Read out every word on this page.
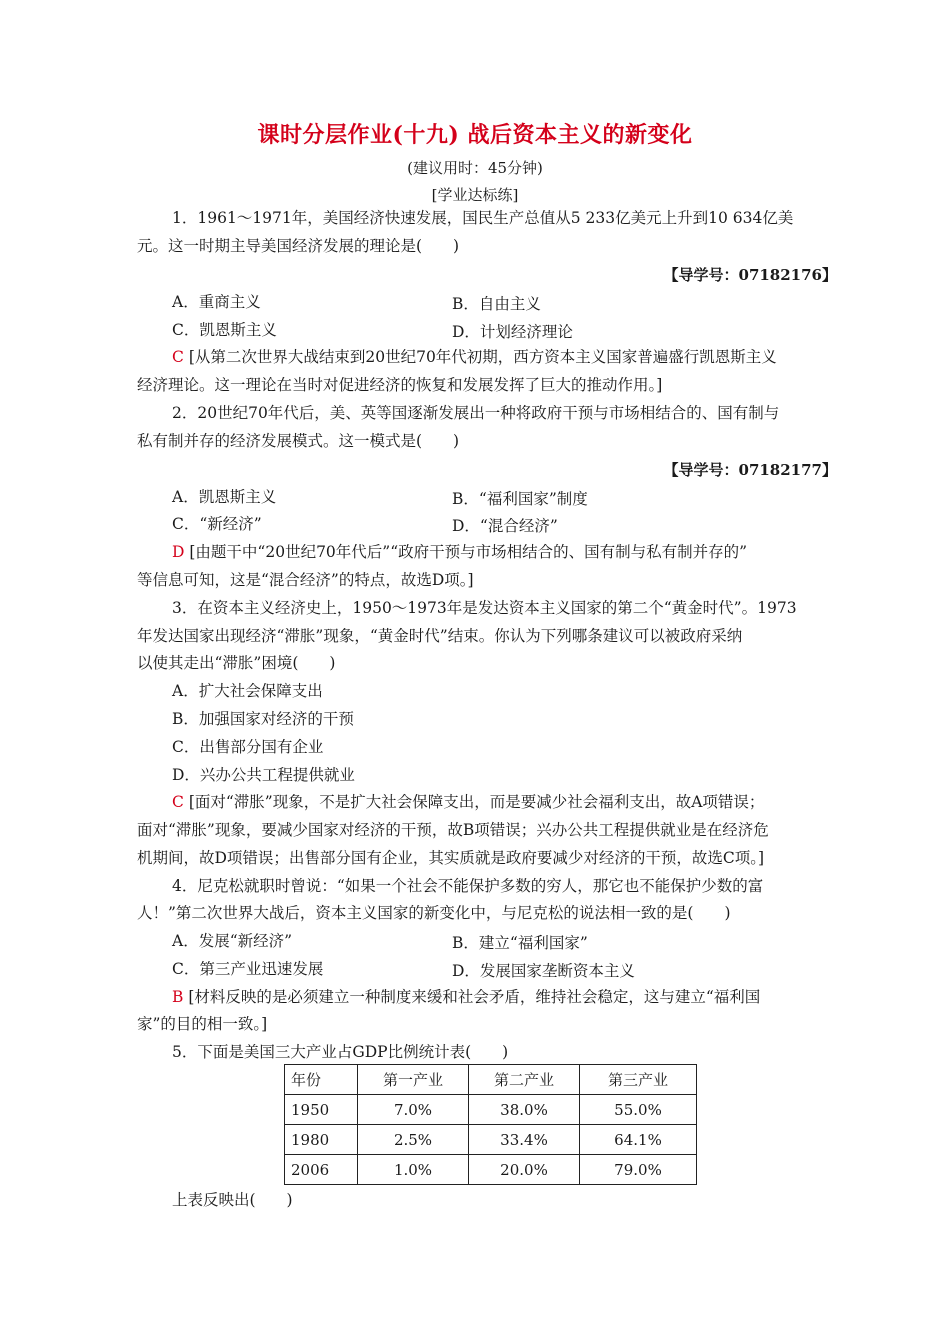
课时分层作业(十九) 战后资本主义的新变化
(建议用时：45分钟)
[学业达标练]
1．1961～1971年，美国经济快速发展，国民生产总值从5 233亿美元上升到10 634亿美
元。这一时期主导美国经济发展的理论是(　　)
【导学号：07182176】
A．重商主义	B．自由主义
C．凯恩斯主义	D．计划经济理论
C [从第二次世界大战结束到20世纪70年代初期，西方资本主义国家普遍盛行凯恩斯主义
经济理论。这一理论在当时对促进经济的恢复和发展发挥了巨大的推动作用。]
2．20世纪70年代后，美、英等国逐渐发展出一种将政府干预与市场相结合的、国有制与
私有制并存的经济发展模式。这一模式是(　　)
【导学号：07182177】
A．凯恩斯主义	B．“福利国家”制度
C．“新经济”	D．“混合经济”
D [由题干中“20世纪70年代后”“政府干预与市场相结合的、国有制与私有制并存的”
等信息可知，这是“混合经济”的特点，故选D项。]
3．在资本主义经济史上，1950～1973年是发达资本主义国家的第二个“黄金时代”。1973
年发达国家出现经济“滞胀”现象，“黄金时代”结束。你认为下列哪条建议可以被政府采纳
以使其走出“滞胀”困境(　　)
A．扩大社会保障支出
B．加强国家对经济的干预
C．出售部分国有企业
D．兴办公共工程提供就业
C [面对“滞胀”现象，不是扩大社会保障支出，而是要减少社会福利支出，故A项错误；
面对“滞胀”现象，要减少国家对经济的干预，故B项错误；兴办公共工程提供就业是在经济危
机期间，故D项错误；出售部分国有企业，其实质就是政府要减少对经济的干预，故选C项。]
4．尼克松就职时曾说：“如果一个社会不能保护多数的穷人，那它也不能保护少数的富
人！”第二次世界大战后，资本主义国家的新变化中，与尼克松的说法相一致的是(　　)
A．发展“新经济”	B．建立“福利国家”
C．第三产业迅速发展	D．发展国家垄断资本主义
B [材料反映的是必须建立一种制度来缓和社会矛盾，维持社会稳定，这与建立“福利国
家”的目的相一致。]
5．下面是美国三大产业占GDP比例统计表(　　)
年份	第一产业	第二产业	第三产业
1950	7.0%	38.0%	55.0%
1980	2.5%	33.4%	64.1%
2006	1.0%	20.0%	79.0%
上表反映出(　　)
